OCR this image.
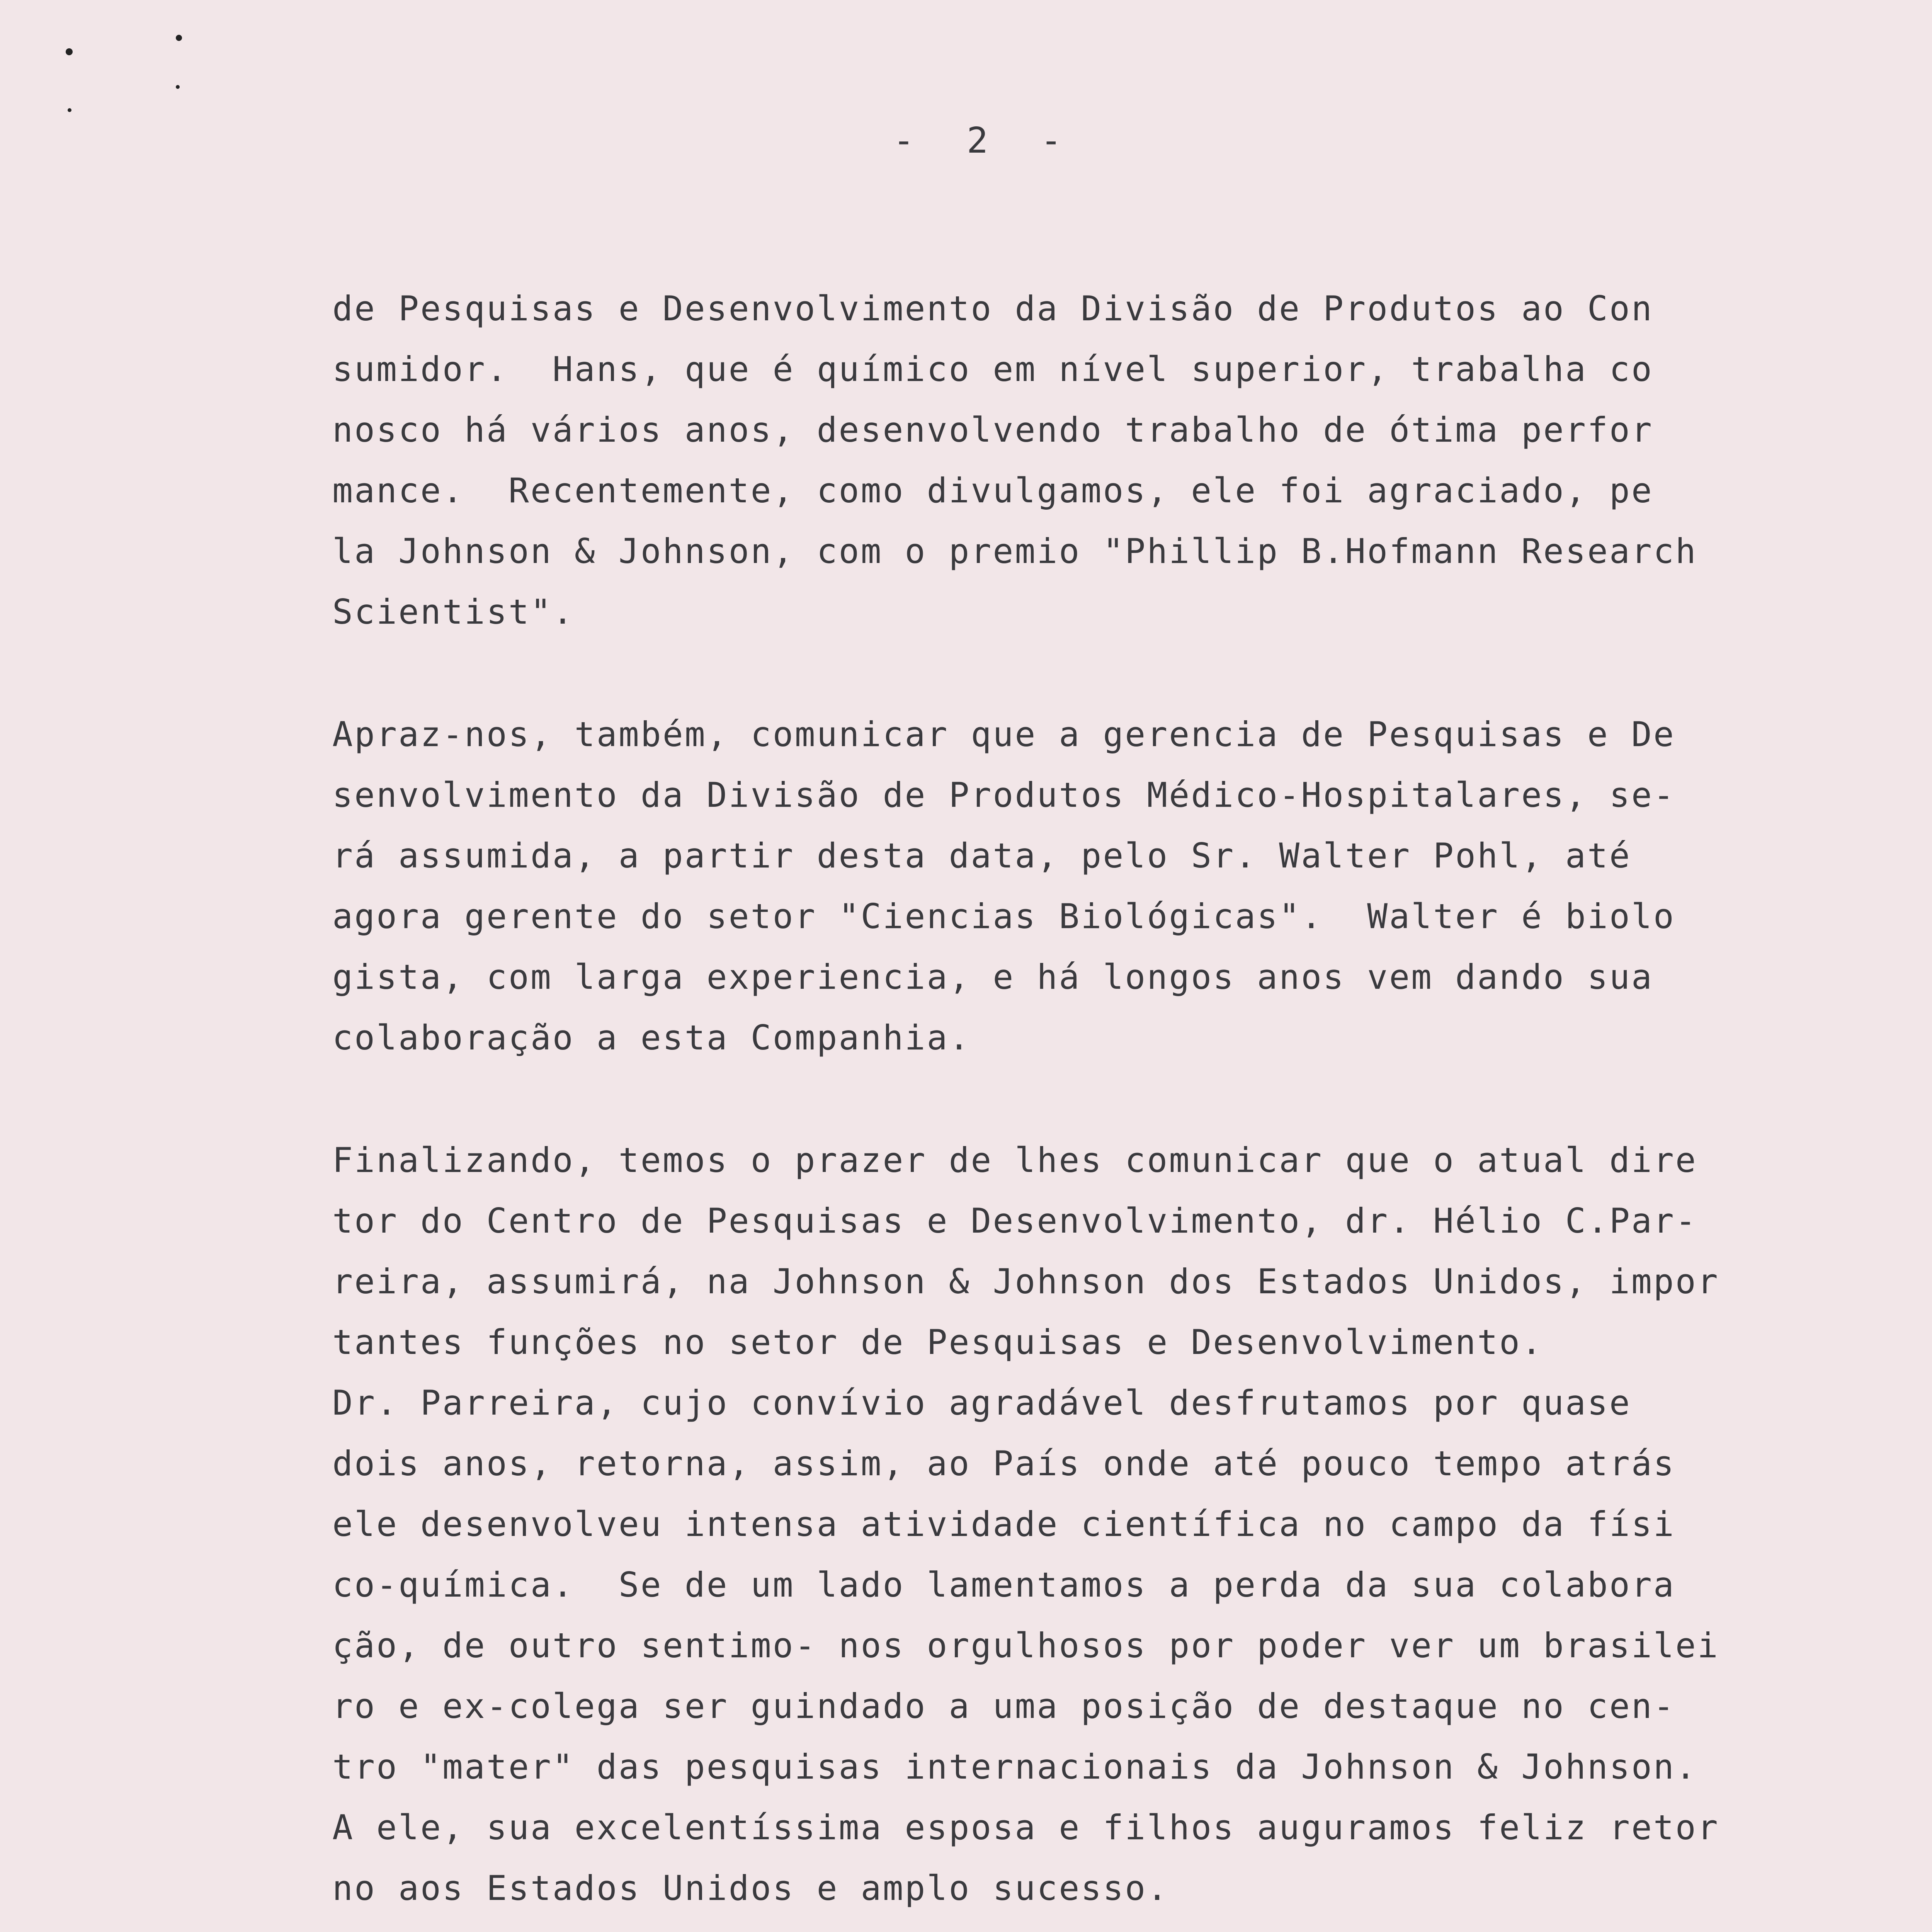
- 2 -
de Pesquisas e Desenvolvimento da Divisão de Produtos ao Con
sumidor.  Hans, que é químico em nível superior, trabalha co
nosco há vários anos, desenvolvendo trabalho de ótima perfor
mance.  Recentemente, como divulgamos, ele foi agraciado, pe
la Johnson & Johnson, com o premio "Phillip B.Hofmann Research
Scientist".
Apraz-nos, também, comunicar que a gerencia de Pesquisas e De
senvolvimento da Divisão de Produtos Médico-Hospitalares, se-
rá assumida, a partir desta data, pelo Sr. Walter Pohl, até
agora gerente do setor "Ciencias Biológicas".  Walter é biolo
gista, com larga experiencia, e há longos anos vem dando sua
colaboração a esta Companhia.
Finalizando, temos o prazer de lhes comunicar que o atual dire
tor do Centro de Pesquisas e Desenvolvimento, dr. Hélio C.Par-
reira, assumirá, na Johnson & Johnson dos Estados Unidos, impor
tantes funções no setor de Pesquisas e Desenvolvimento.
Dr. Parreira, cujo convívio agradável desfrutamos por quase
dois anos, retorna, assim, ao País onde até pouco tempo atrás
ele desenvolveu intensa atividade científica no campo da físi
co-química.  Se de um lado lamentamos a perda da sua colabora
ção, de outro sentimo- nos orgulhosos por poder ver um brasilei
ro e ex-colega ser guindado a uma posição de destaque no cen-
tro "mater" das pesquisas internacionais da Johnson & Johnson.
A ele, sua excelentíssima esposa e filhos auguramos feliz retor
no aos Estados Unidos e amplo sucesso.
